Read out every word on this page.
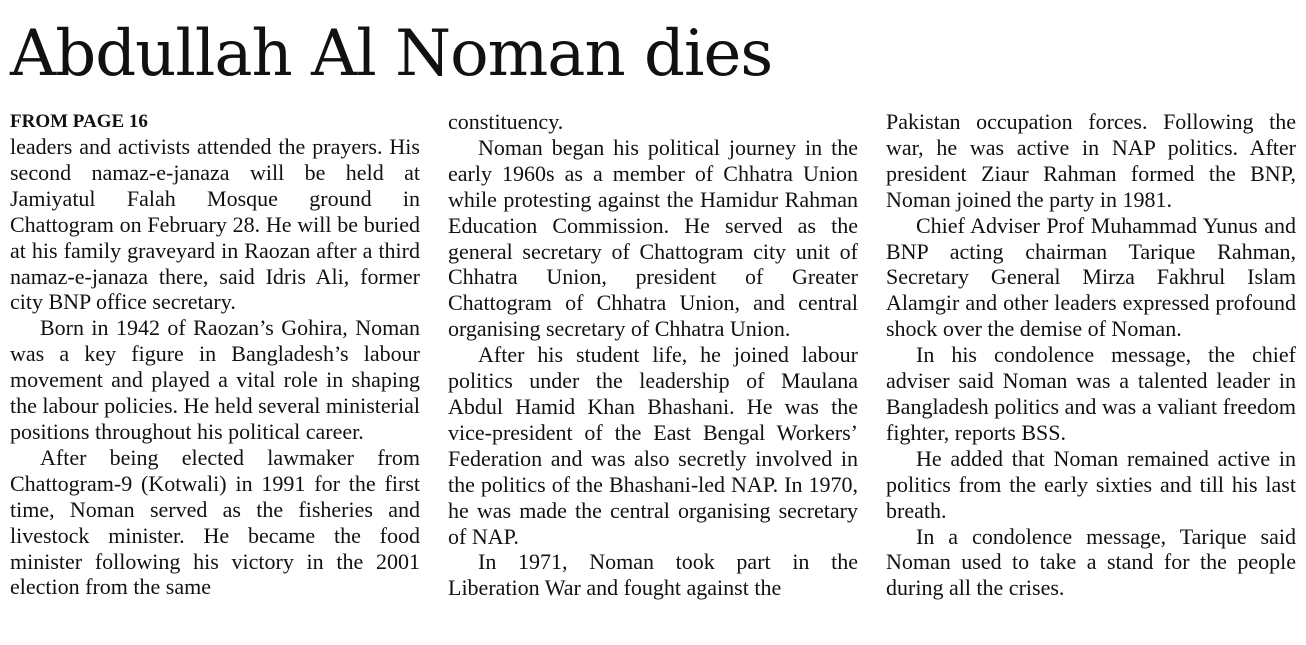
Abdullah Al Noman dies
FROM PAGE 16

leaders and activists attended the prayers. His second namaz-e-janaza will be held at Jamiyatul Falah Mosque ground in Chattogram on February 28. He will be buried at his family graveyard in Raozan after a third namaz-e-janaza there, said Idris Ali, former city BNP office secretary.

Born in 1942 of Raozan’s Gohira, Noman was a key figure in Bangladesh’s labour movement and played a vital role in shaping the labour policies. He held several ministerial positions throughout his political career.

After being elected lawmaker from Chattogram-9 (Kotwali) in 1991 for the first time, Noman served as the fisheries and livestock minister. He became the food minister following his victory in the 2001 election from the same

constituency.

Noman began his political journey in the early 1960s as a member of Chhatra Union while protesting against the Hamidur Rahman Education Commission. He served as the general secretary of Chattogram city unit of Chhatra Union, president of Greater Chattogram of Chhatra Union, and central organising secretary of Chhatra Union.

After his student life, he joined labour politics under the leadership of Maulana Abdul Hamid Khan Bhashani. He was the vice-president of the East Bengal Workers’ Federation and was also secretly involved in the politics of the Bhashani-led NAP. In 1970, he was made the central organising secretary of NAP.

In 1971, Noman took part in the Liberation War and fought against the

Pakistan occupation forces. Following the war, he was active in NAP politics. After president Ziaur Rahman formed the BNP, Noman joined the party in 1981.

Chief Adviser Prof Muhammad Yunus and BNP acting chairman Tarique Rahman, Secretary General Mirza Fakhrul Islam Alamgir and other leaders expressed profound shock over the demise of Noman.

In his condolence message, the chief adviser said Noman was a talented leader in Bangladesh politics and was a valiant freedom fighter, reports BSS.

He added that Noman remained active in politics from the early sixties and till his last breath.

In a condolence message, Tarique said Noman used to take a stand for the people during all the crises.
